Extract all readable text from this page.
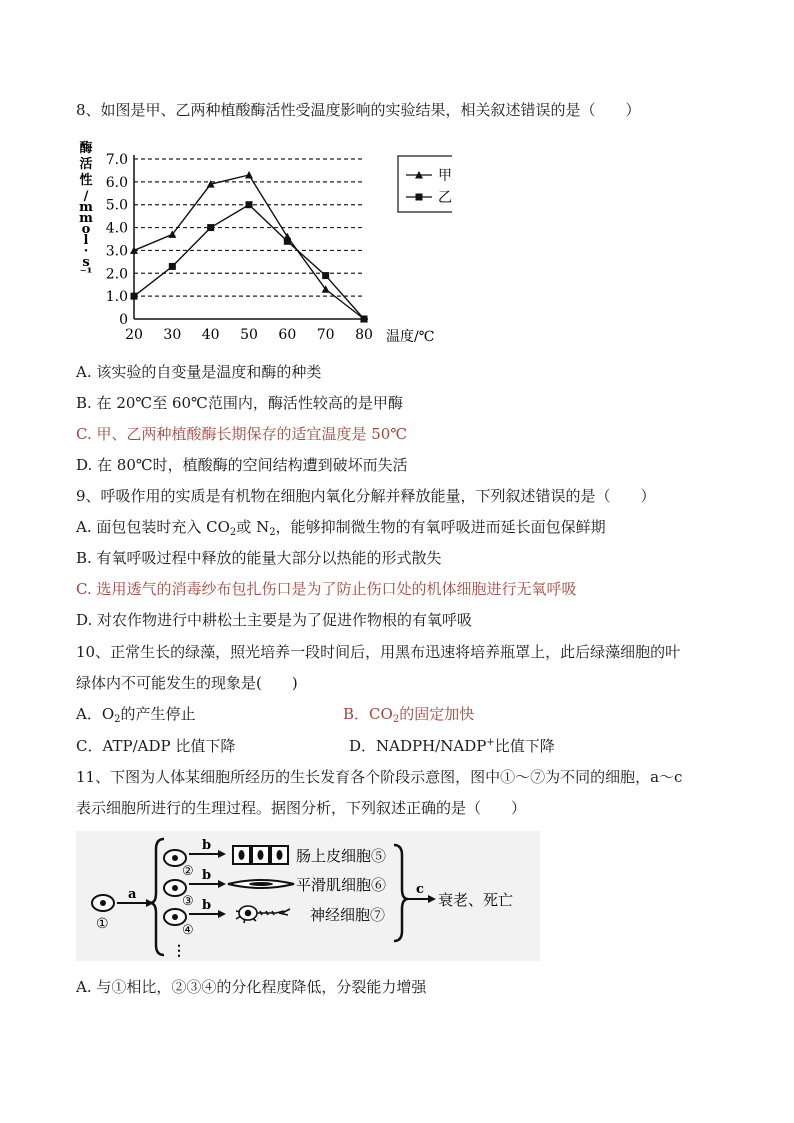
8、如图是甲、乙两种植酸酶活性受温度影响的实验结果，相关叙述错误的是（　　）
0
1.0
2.0
3.0
4.0
5.0
6.0
7.0
20 30 40 50 60 70 80 温度/℃
酶
活
性
/
m
m
o
l
·
s
⁻¹
甲
乙
A. 该实验的自变量是温度和酶的种类
B. 在 20℃至 60℃范围内，酶活性较高的是甲酶
C. 甲、乙两种植酸酶长期保存的适宜温度是 50℃
D. 在 80℃时，植酸酶的空间结构遭到破坏而失活
9、呼吸作用的实质是有机物在细胞内氧化分解并释放能量，下列叙述错误的是（　　）
A. 面包包装时充入 $CO_2$或 $N_2$，能够抑制微生物的有氧呼吸进而延长面包保鲜期
B. 有氧呼吸过程中释放的能量大部分以热能的形式散失
C. 选用透气的消毒纱布包扎伤口是为了防止伤口处的机体细胞进行无氧呼吸
D. 对农作物进行中耕松土主要是为了促进作物根的有氧呼吸
10、正常生长的绿藻，照光培养一段时间后，用黑布迅速将培养瓶罩上，此后绿藻细胞的叶
绿体内不可能发生的现象是(　　)
A．$O_2$的产生停止	B．$CO_2$的固定加快
C．ATP/ADP 比值下降	D．NADPH/NADP+比值下降
11、下图为人体某细胞所经历的生长发育各个阶段示意图，图中①～⑦为不同的细胞，a～c
表示细胞所进行的生理过程。据图分析，下列叙述正确的是（　　）
①
a
②
b
肠上皮细胞⑤
③
b
平滑肌细胞⑥
④
b
神经细胞⑦
⋮
c
衰老、死亡
A. 与①相比，②③④的分化程度降低，分裂能力增强
